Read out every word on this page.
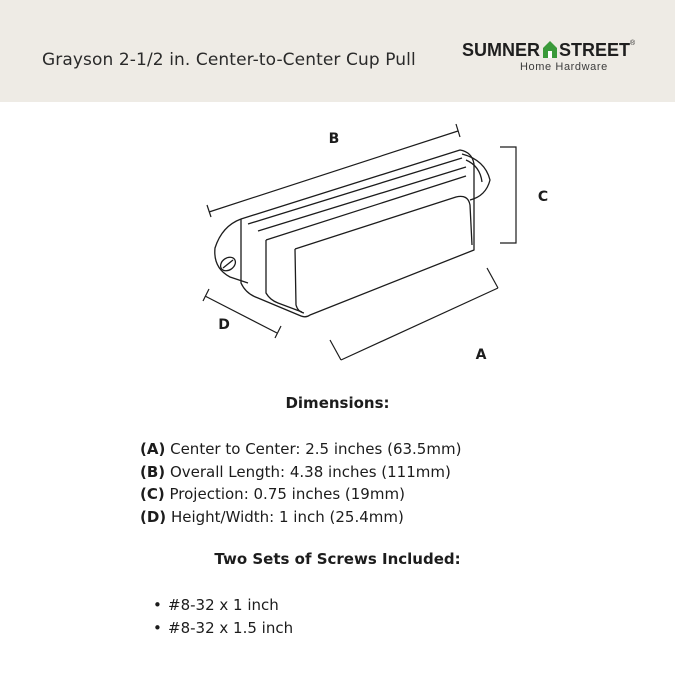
Grayson 2-1/2 in. Center-to-Center Cup Pull	SUMNER STREET®
Home Hardware
B
C
A
D
Dimensions:
(A) Center to Center: 2.5 inches (63.5mm)
(B) Overall Length: 4.38 inches (111mm)
(C) Projection: 0.75 inches (19mm)
(D) Height/Width: 1 inch (25.4mm)
Two Sets of Screws Included:
• #8-32 x 1 inch
• #8-32 x 1.5 inch
